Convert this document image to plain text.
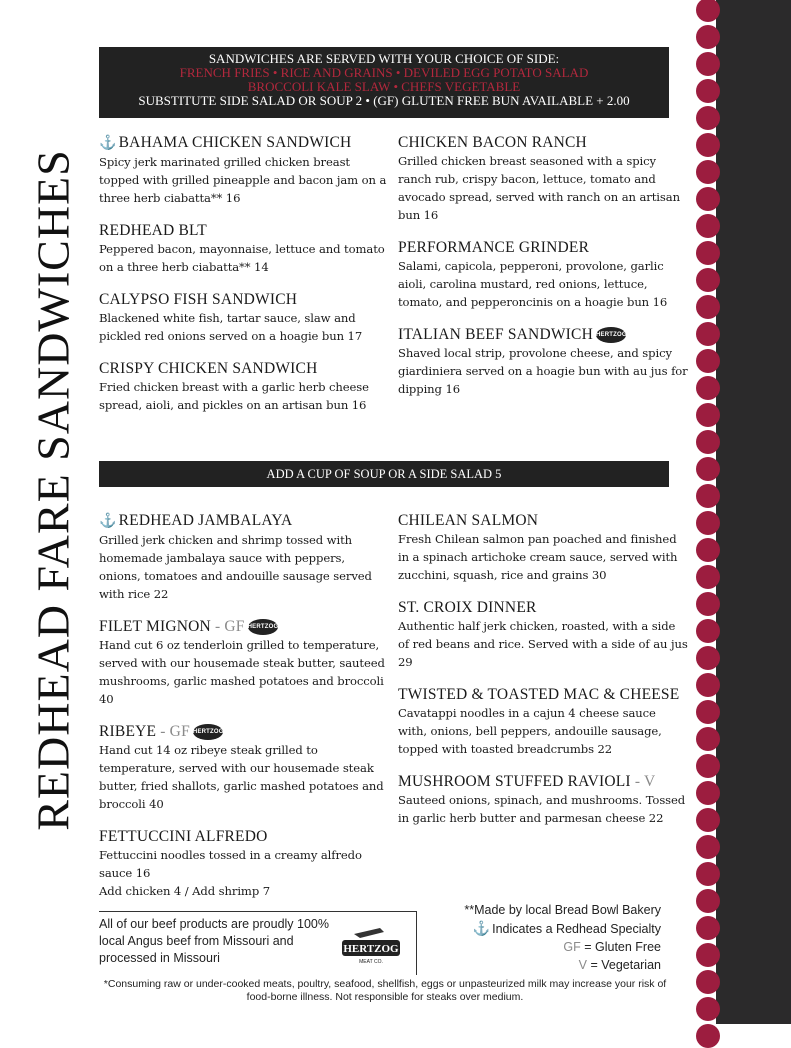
REDHEAD FARE SANDWICHES
SANDWICHES ARE SERVED WITH YOUR CHOICE OF SIDE:
FRENCH FRIES • RICE AND GRAINS • DEVILED EGG POTATO SALAD
BROCCOLI KALE SLAW • CHEFS VEGETABLE
SUBSTITUTE SIDE SALAD OR SOUP 2 • (GF) GLUTEN FREE BUN AVAILABLE + 2.00
⚓ BAHAMA CHICKEN SANDWICH

Spicy jerk marinated grilled chicken breast topped with grilled pineapple and bacon jam on a three herb ciabatta** 16

REDHEAD BLT

Peppered bacon, mayonnaise, lettuce and tomato on a three herb ciabatta** 14

CALYPSO FISH SANDWICH

Blackened white fish, tartar sauce, slaw and pickled red onions served on a hoagie bun 17

CRISPY CHICKEN SANDWICH

Fried chicken breast with a garlic herb cheese spread, aioli, and pickles on an artisan bun 16

CHICKEN BACON RANCH

Grilled chicken breast seasoned with a spicy ranch rub, crispy bacon, lettuce, tomato and avocado spread, served with ranch on an artisan bun 16

PERFORMANCE GRINDER

Salami, capicola, pepperoni, provolone, garlic aioli, carolina mustard, red onions, lettuce, tomato, and pepperoncinis on a hoagie bun 16

ITALIAN BEEF SANDWICH HERTZOG

Shaved local strip, provolone cheese, and spicy giardiniera served on a hoagie bun with au jus for dipping 16

ADD A CUP OF SOUP OR A SIDE SALAD 5
⚓ REDHEAD JAMBALAYA

Grilled jerk chicken and shrimp tossed with homemade jambalaya sauce with peppers, onions, tomatoes and andouille sausage served with rice 22

FILET MIGNON - GF HERTZOG

Hand cut 6 oz tenderloin grilled to temperature, served with our housemade steak butter, sauteed mushrooms, garlic mashed potatoes and broccoli 40

RIBEYE - GF HERTZOG

Hand cut 14 oz ribeye steak grilled to temperature, served with our housemade steak butter, fried shallots, garlic mashed potatoes and broccoli 40

FETTUCCINI ALFREDO

Fettuccini noodles tossed in a creamy alfredo sauce 16

Add chicken 4 / Add shrimp 7

CHILEAN SALMON

Fresh Chilean salmon pan poached and finished in a spinach artichoke cream sauce, served with zucchini, squash, rice and grains 30

ST. CROIX DINNER

Authentic half jerk chicken, roasted, with a side of red beans and rice. Served with a side of au jus 29

TWISTED & TOASTED MAC & CHEESE

Cavatappi noodles in a cajun 4 cheese sauce with, onions, bell peppers, andouille sausage, topped with toasted breadcrumbs 22

MUSHROOM STUFFED RAVIOLI - V

Sauteed onions, spinach, and mushrooms. Tossed in garlic herb butter and parmesan cheese 22

All of our beef products are proudly 100% local Angus beef from Missouri and processed in Missouri

HERTZOG
MEAT CO.
**Made by local Bread Bowl Bakery
⚓ Indicates a Redhead Specialty
GF = Gluten Free
V = Vegetarian
*Consuming raw or under-cooked meats, poultry, seafood, shellfish, eggs or unpasteurized milk may increase your risk of food-borne illness. Not responsible for steaks over medium.
